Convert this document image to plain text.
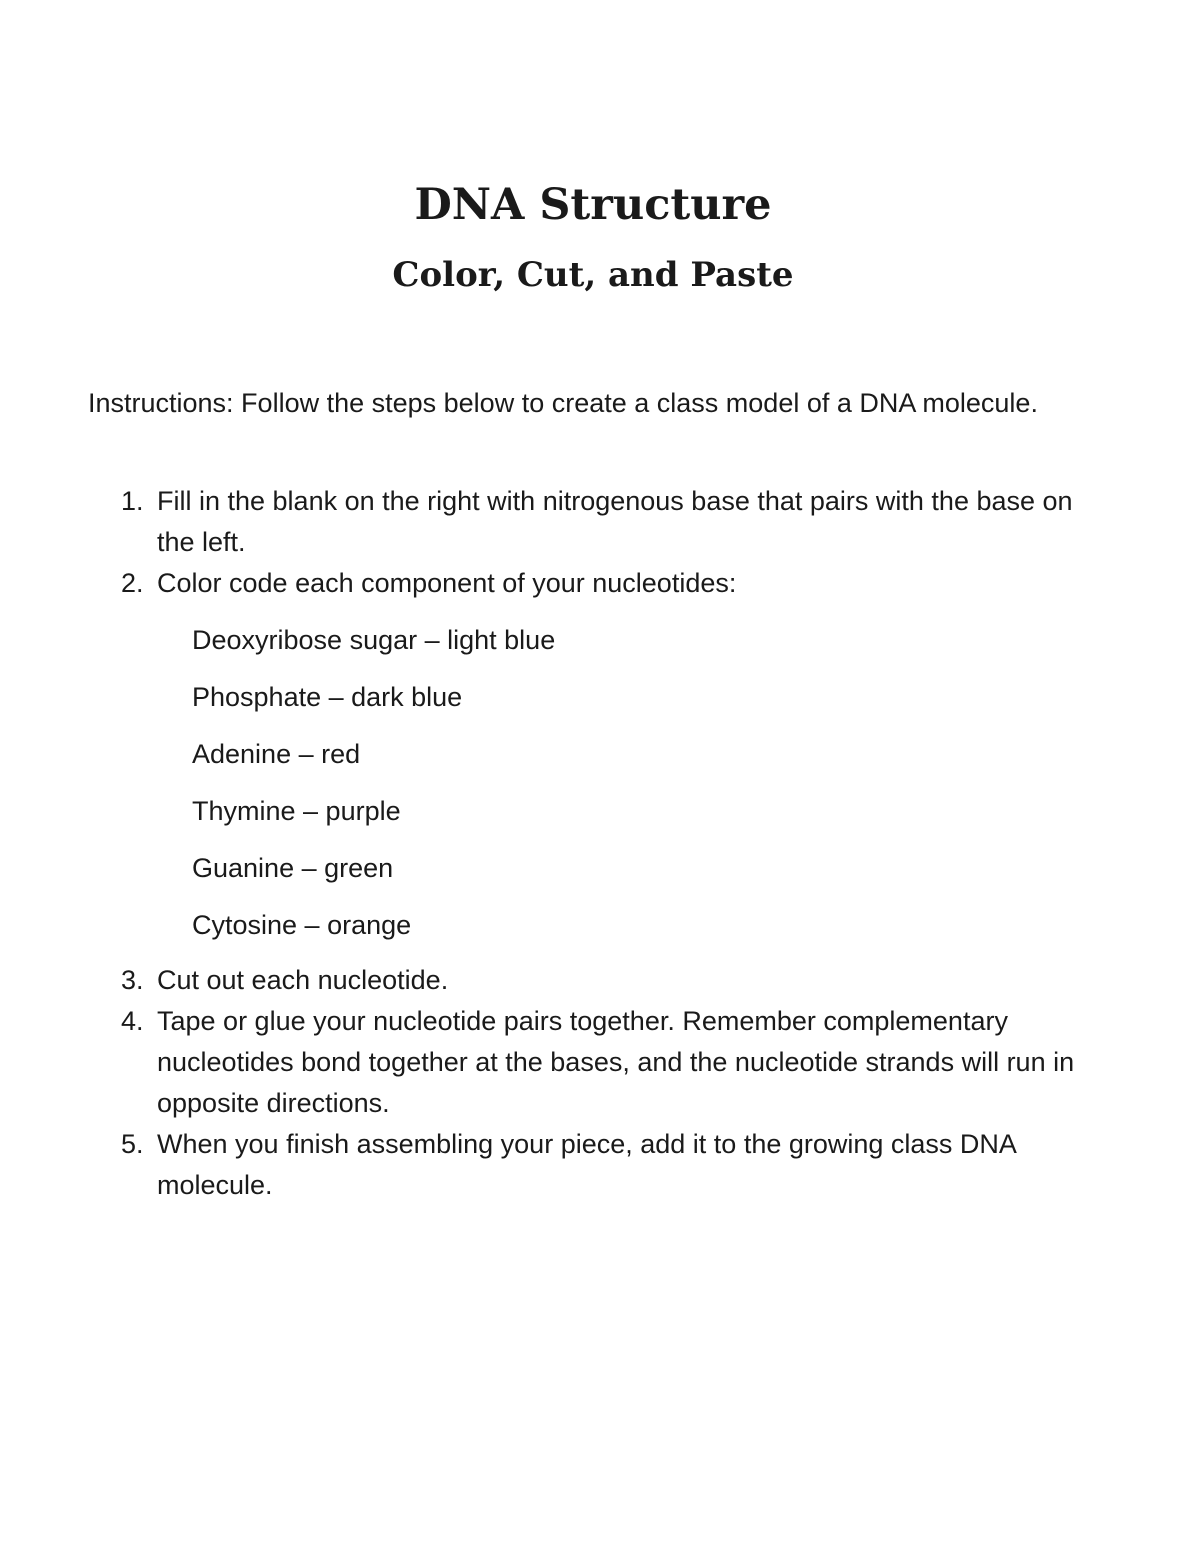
DNA Structure
Color, Cut, and Paste

Instructions: Follow the steps below to create a class model of a DNA molecule.

1. Fill in the blank on the right with nitrogenous base that pairs with the base on the left.
2. Color code each component of your nucleotides:
Deoxyribose sugar – light blue
Phosphate – dark blue
Adenine – red
Thymine – purple
Guanine – green
Cytosine – orange
3. Cut out each nucleotide.
4. Tape or glue your nucleotide pairs together. Remember complementary nucleotides bond together at the bases, and the nucleotide strands will run in opposite directions.
5. When you finish assembling your piece, add it to the growing class DNA molecule.
